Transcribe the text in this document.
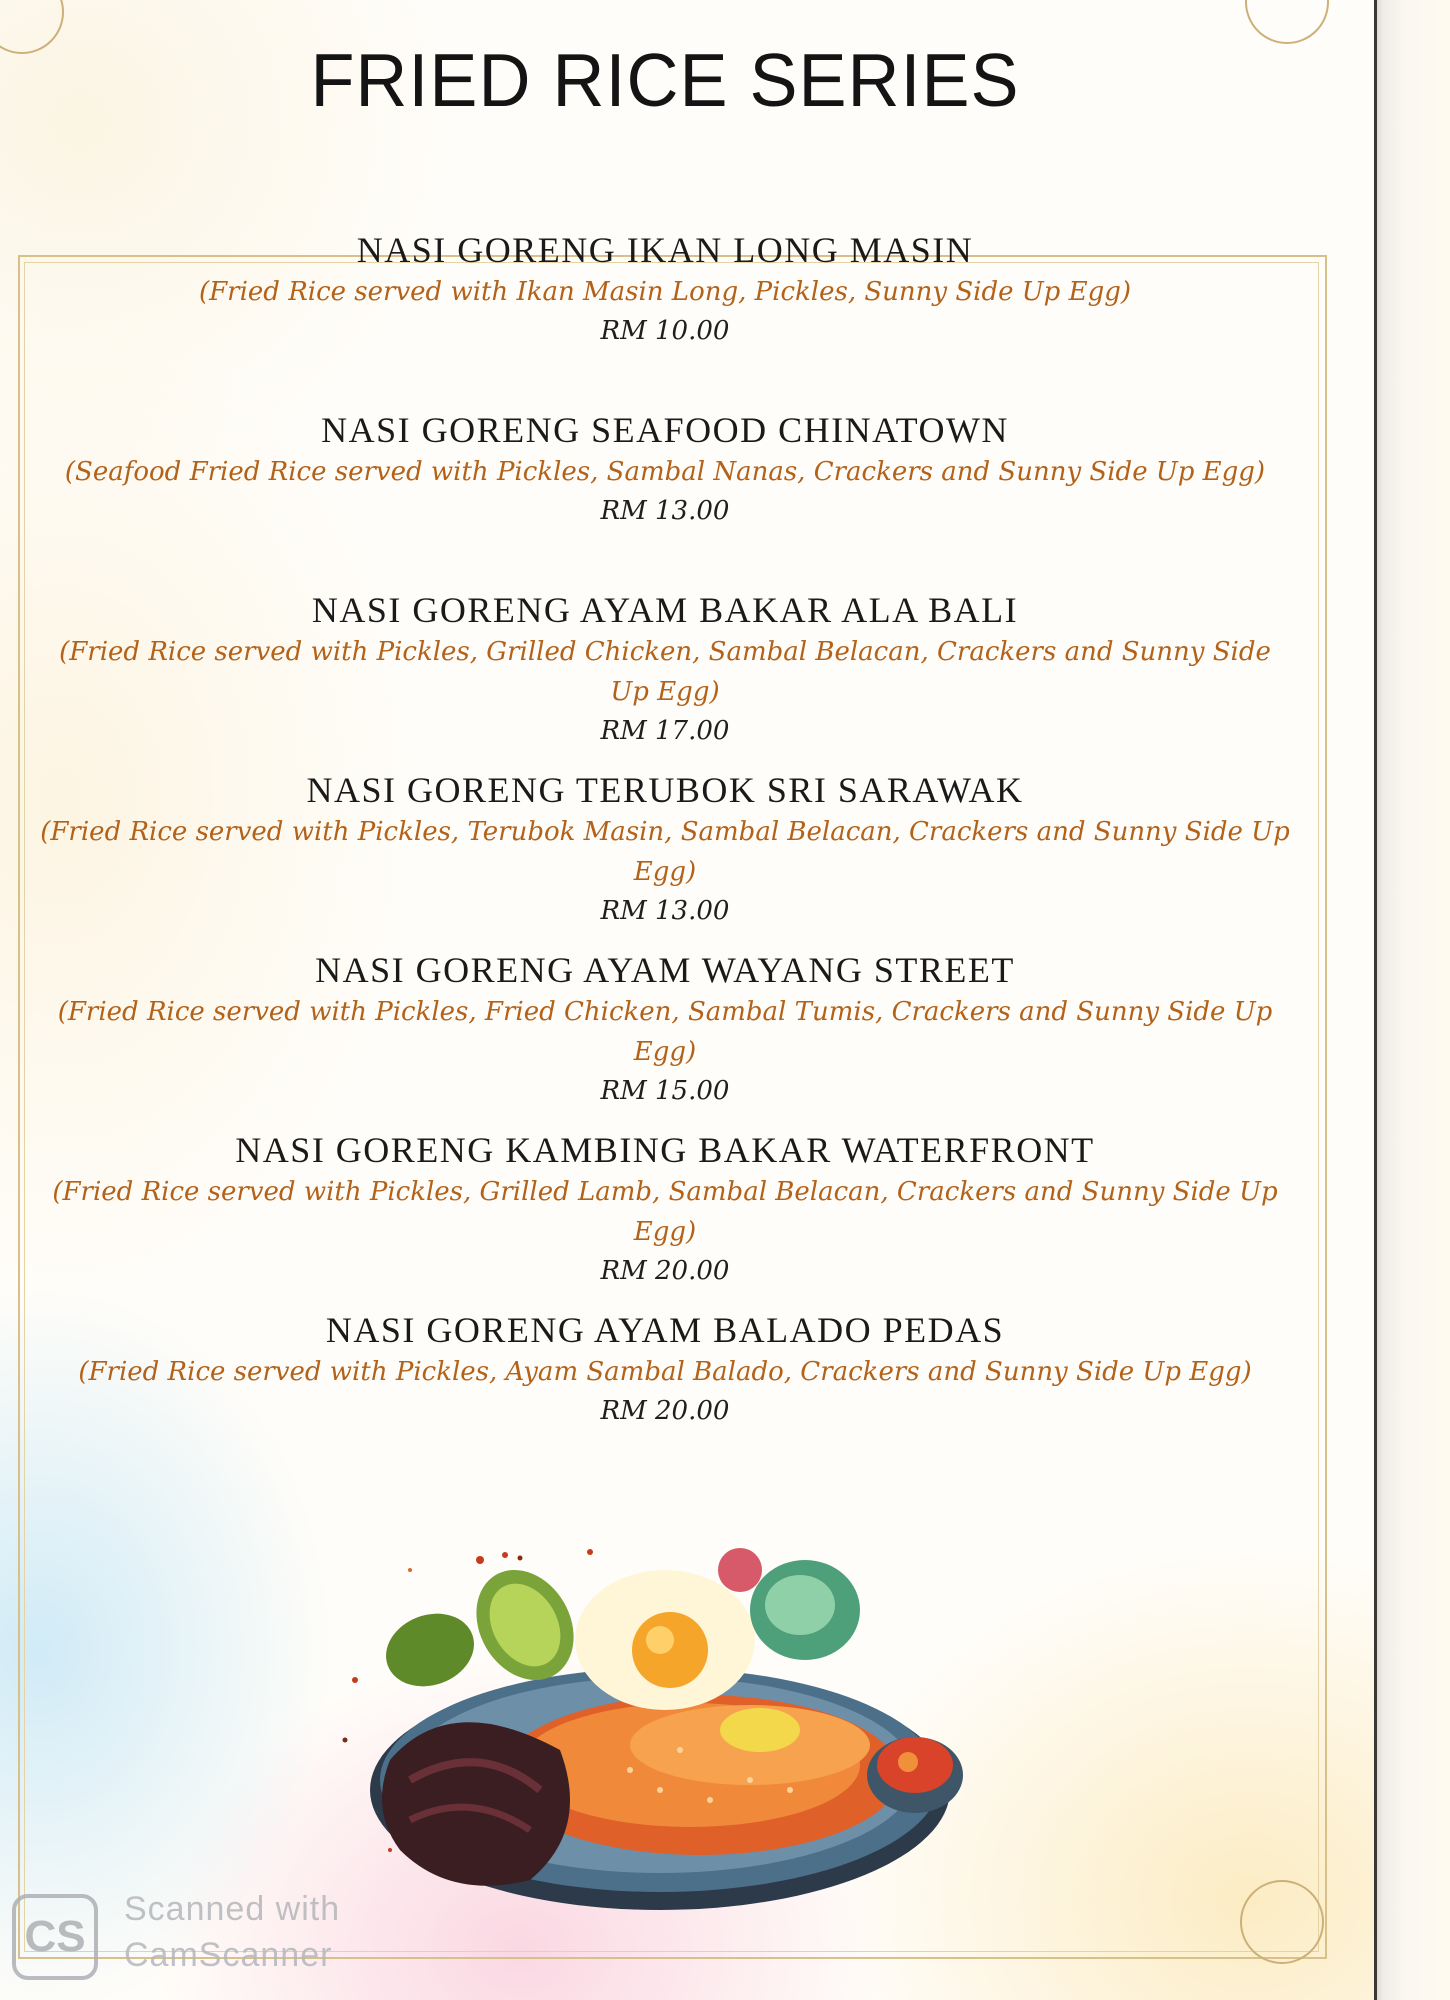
FRIED RICE SERIES
NASI GORENG IKAN LONG MASIN
(Fried Rice served with Ikan Masin Long, Pickles, Sunny Side Up Egg)
RM 10.00
NASI GORENG SEAFOOD CHINATOWN
(Seafood Fried Rice served with Pickles, Sambal Nanas, Crackers and Sunny Side Up Egg)
RM 13.00
NASI GORENG AYAM BAKAR ALA BALI
(Fried Rice served with Pickles, Grilled Chicken, Sambal Belacan, Crackers and Sunny Side Up Egg)
RM 17.00
NASI GORENG TERUBOK SRI SARAWAK
(Fried Rice served with Pickles, Terubok Masin, Sambal Belacan, Crackers and Sunny Side Up Egg)
RM 13.00
NASI GORENG AYAM WAYANG STREET
(Fried Rice served with Pickles, Fried Chicken, Sambal Tumis, Crackers and Sunny Side Up Egg)
RM 15.00
NASI GORENG KAMBING BAKAR WATERFRONT
(Fried Rice served with Pickles, Grilled Lamb, Sambal Belacan, Crackers and Sunny Side Up Egg)
RM 20.00
NASI GORENG AYAM BALADO PEDAS
(Fried Rice served with Pickles, Ayam Sambal Balado, Crackers and Sunny Side Up Egg)
RM 20.00
CS
Scanned with
CamScanner
